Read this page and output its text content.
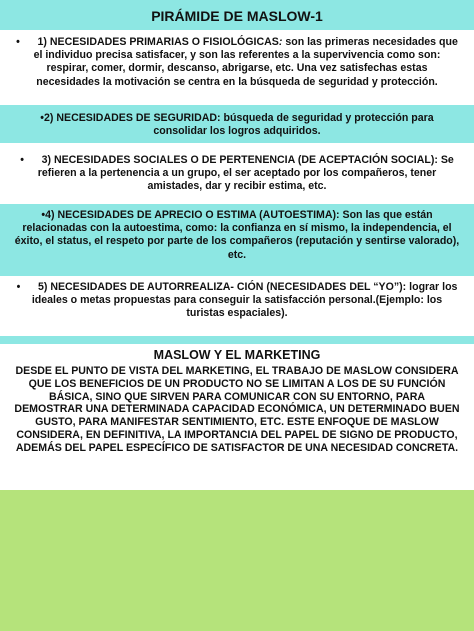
PIRÁMIDE DE MASLOW-1
• 1) NECESIDADES PRIMARIAS O FISIOLÓGICAS: son las primeras necesidades que el individuo precisa satisfacer, y son las referentes a la supervivencia como son: respirar, comer, dormir, descanso, abrigarse, etc. Una vez satisfechas estas necesidades la motivación se centra en la búsqueda de seguridad y protección.
•2) NECESIDADES DE SEGURIDAD: búsqueda de seguridad y protección para consolidar los logros adquiridos.
• 3) NECESIDADES SOCIALES O DE PERTENENCIA (DE ACEPTACIÓN SOCIAL): Se refieren a la pertenencia a un grupo, el ser aceptado por los compañeros, tener amistades, dar y recibir estima, etc.
•4) NECESIDADES DE APRECIO O ESTIMA (AUTOESTIMA): Son las que están relacionadas con la autoestima, como: la confianza en sí mismo, la independencia, el éxito, el status, el respeto por parte de los compañeros (reputación y sentirse valorado), etc.
• 5) NECESIDADES DE AUTORREALIZA- CIÓN (NECESIDADES DEL “YO”): lograr los ideales o metas propuestas para conseguir la satisfacción personal.(Ejemplo: los turistas espaciales).
MASLOW Y EL MARKETING
DESDE EL PUNTO DE VISTA DEL MARKETING, EL TRABAJO DE MASLOW CONSIDERA QUE LOS BENEFICIOS DE UN PRODUCTO NO SE LIMITAN A LOS DE SU FUNCIÓN BÁSICA, SINO QUE SIRVEN PARA COMUNICAR CON SU ENTORNO, PARA DEMOSTRAR UNA DETERMINADA CAPACIDAD ECONÓMICA, UN DETERMINADO BUEN GUSTO, PARA MANIFESTAR SENTIMIENTO, ETC. ESTE ENFOQUE DE MASLOW CONSIDERA, EN DEFINITIVA, LA IMPORTANCIA DEL PAPEL DE SIGNO DE PRODUCTO, ADEMÁS DEL PAPEL ESPECÍFICO DE SATISFACTOR DE UNA NECESIDAD CONCRETA.
